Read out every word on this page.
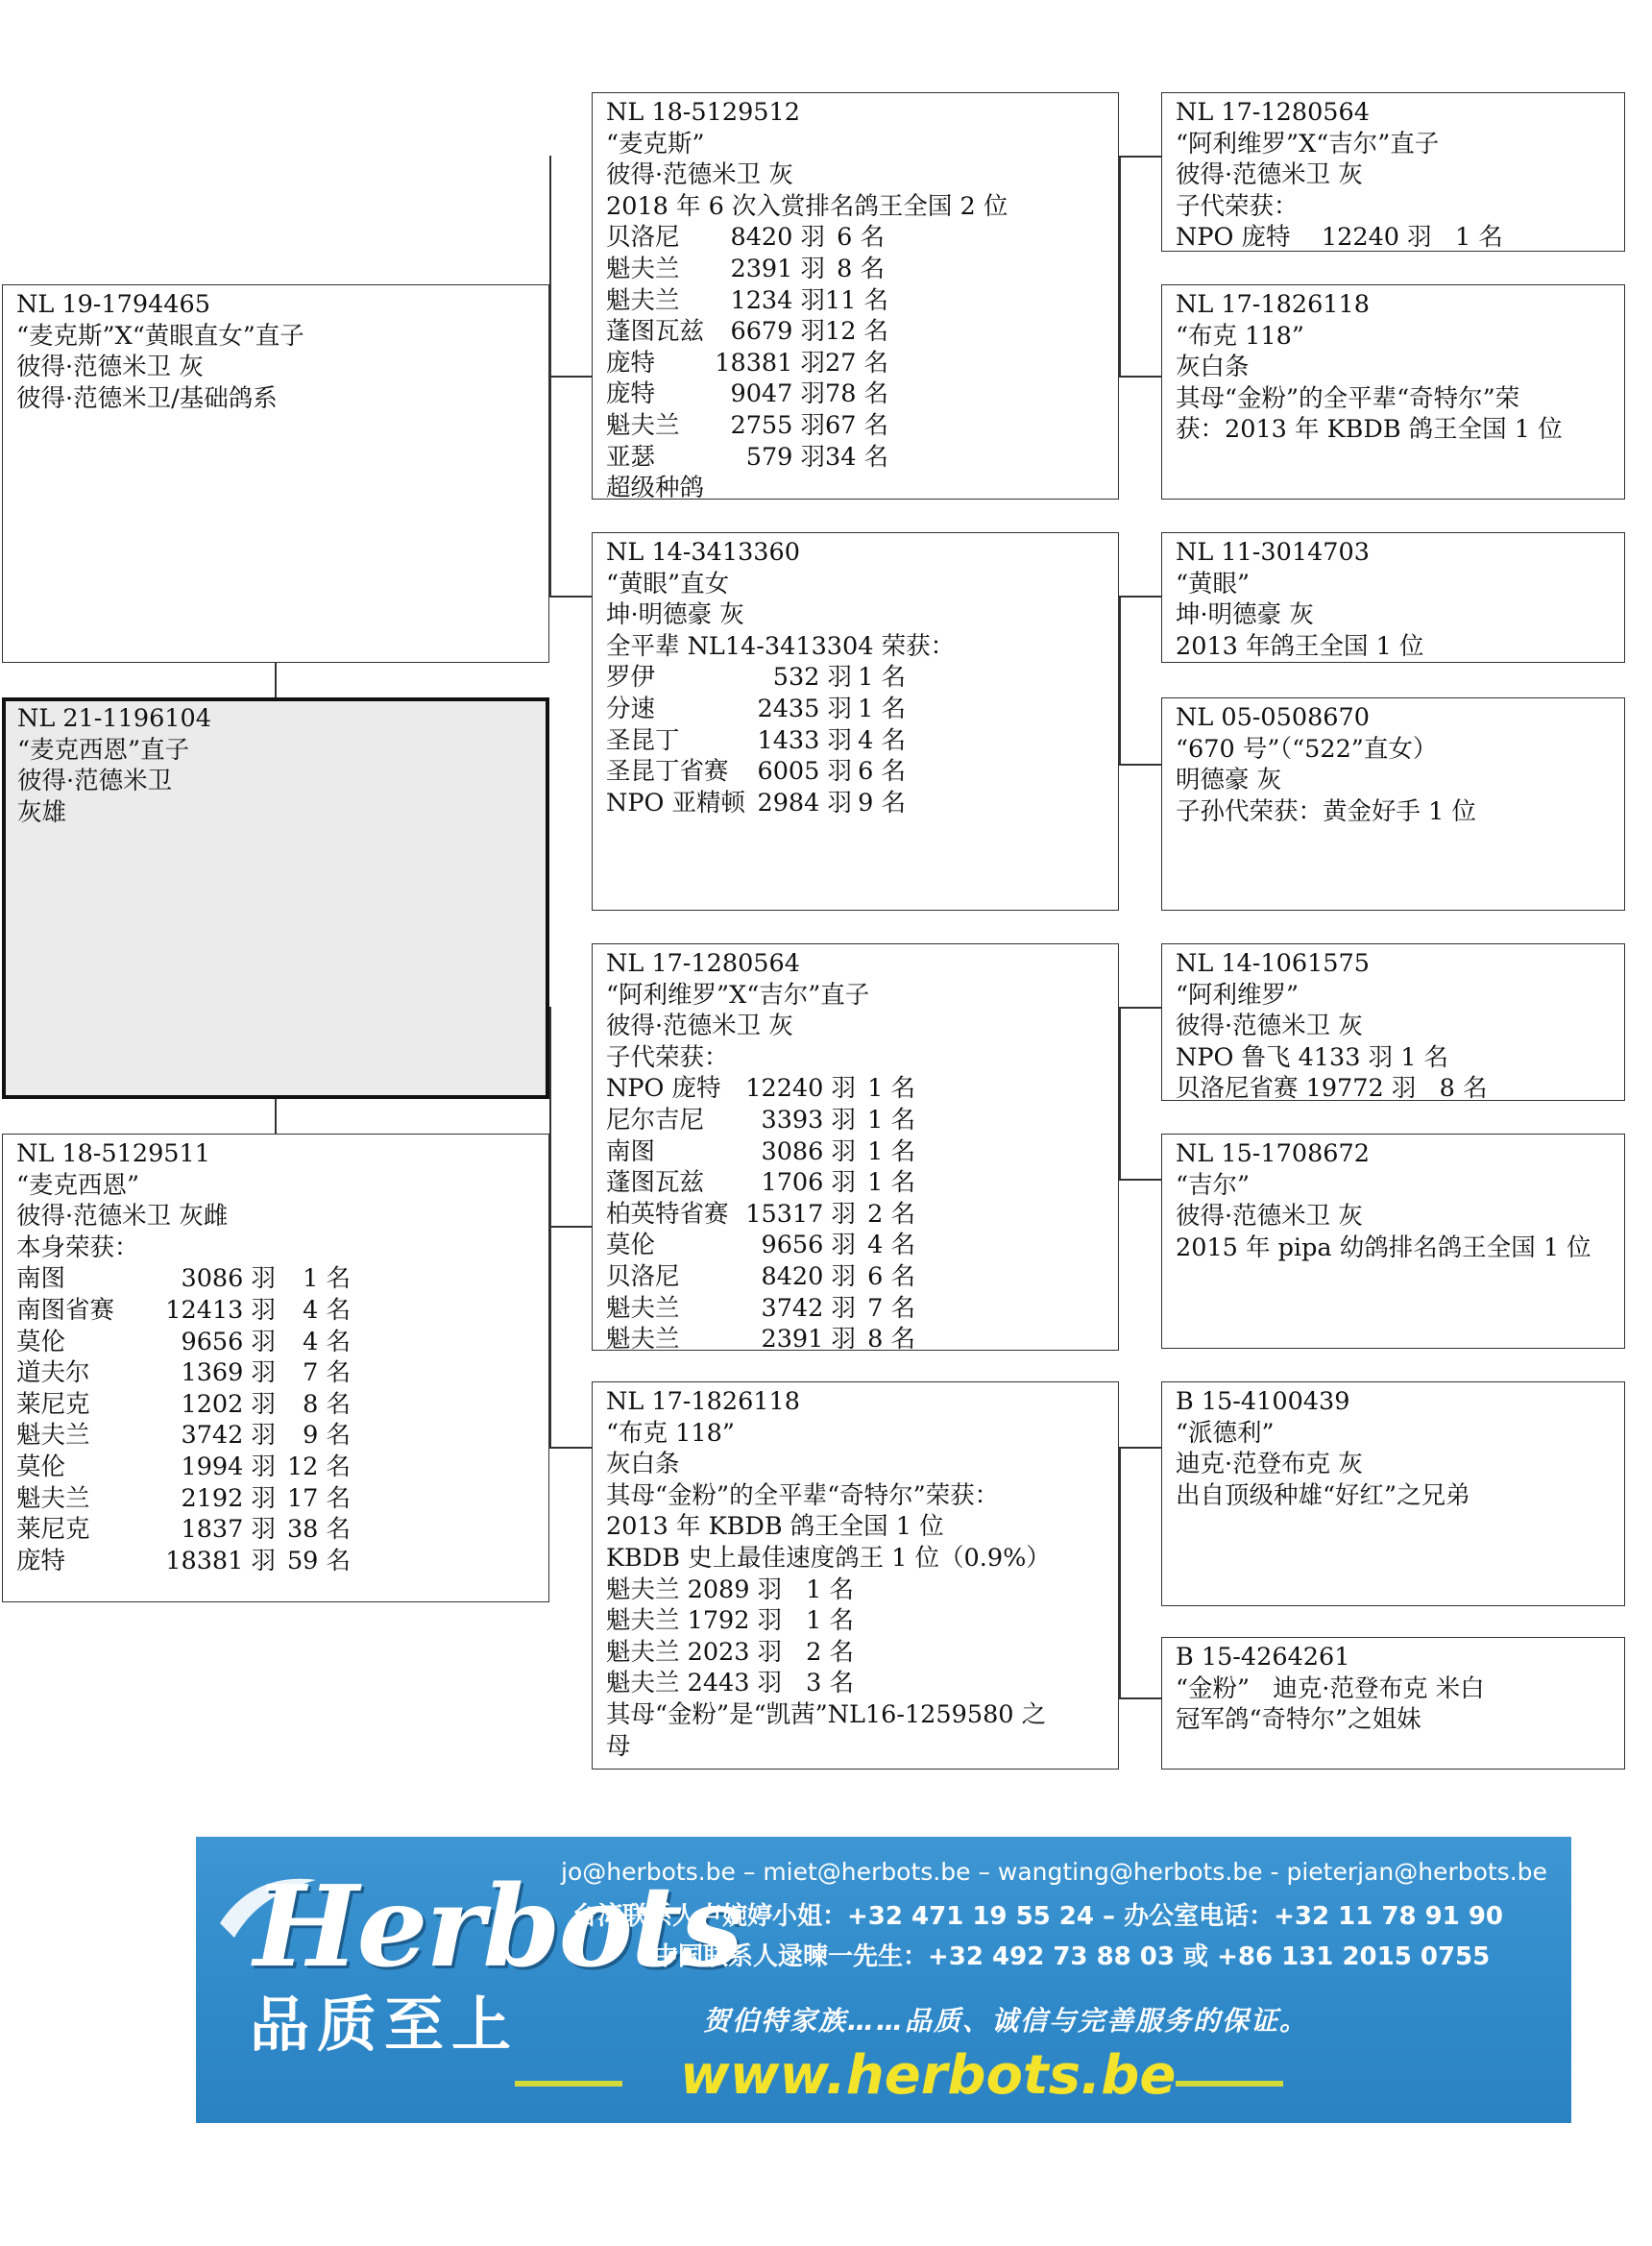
NL 19-1794465
“麦克斯”X“黄眼直女”直子
彼得·范德米卫 灰
彼得·范德米卫/基础鸽系
NL 21-1196104
“麦克西恩”直子
彼得·范德米卫
灰雄
NL 18-5129511
“麦克西恩”
彼得·范德米卫 灰雌
本身荣获：
南图	3086 羽 1 名
南图省赛 12413 羽 4 名
莫伦	9656 羽 4 名
道夫尔	1369 羽 7 名
莱尼克	1202 羽 8 名
魁夫兰	3742 羽 9 名
莫伦	1994 羽 12 名
魁夫兰	2192 羽 17 名
莱尼克	1837 羽 38 名
庞特	18381 羽 59 名
NL 18-5129512
“麦克斯”
彼得·范德米卫 灰
2018 年 6 次入赏排名鸽王全国 2 位
贝洛尼 8420 羽 6 名
魁夫兰 2391 羽 8 名
魁夫兰 1234 羽11 名
蓬图瓦兹 6679 羽12 名
庞特 18381 羽27 名
庞特	9047 羽78 名
魁夫兰 2755 羽67 名
亚瑟	579 羽34 名
超级种鸽
NL 14-3413360
“黄眼”直女
坤·明德豪 灰
全平辈 NL14-3413304 荣获：
罗伊	532 羽 1 名
分速	2435 羽 1 名
圣昆丁	1433 羽 4 名
圣昆丁省赛 6005 羽 6 名
NPO 亚精顿 2984 羽 9 名
NL 17-1280564
“阿利维罗”X“吉尔”直子
彼得·范德米卫 灰
子代荣获：
NPO 庞特 12240 羽 1 名
尼尔吉尼 3393 羽 1 名
南图	3086 羽 1 名
蓬图瓦兹 1706 羽 1 名
柏英特省赛 15317 羽 2 名
莫伦	9656 羽 4 名
贝洛尼	8420 羽 6 名
魁夫兰	3742 羽 7 名
魁夫兰	2391 羽 8 名
NL 17-1826118
“布克 118”
灰白条
其母“金粉”的全平辈“奇特尔”荣获：
2013 年 KBDB 鸽王全国 1 位
KBDB 史上最佳速度鸽王 1 位（0.9%）
魁夫兰 2089 羽 1 名
魁夫兰 1792 羽 1 名
魁夫兰 2023 羽 2 名
魁夫兰 2443 羽 3 名
其母“金粉”是“凯茜”NL16-1259580 之
母
NL 17-1280564
“阿利维罗”X“吉尔”直子
彼得·范德米卫 灰
子代荣获：
NPO 庞特    12240 羽   1 名
NL 17-1826118
“布克 118”
灰白条
其母“金粉”的全平辈“奇特尔”荣
获：2013 年 KBDB 鸽王全国 1 位
NL 11-3014703
“黄眼”
坤·明德豪 灰
2013 年鸽王全国 1 位
NL 05-0508670
“670 号”（“522”直女）
明德豪 灰
子孙代荣获：黄金好手 1 位
NL 14-1061575
“阿利维罗”
彼得·范德米卫 灰
NPO 鲁飞 4133 羽 1 名
贝洛尼省赛 19772 羽   8 名
NL 15-1708672
“吉尔”
彼得·范德米卫 灰
2015 年 pipa 幼鸽排名鸽王全国 1 位
B 15-4100439
“派德利”
迪克·范登布克 灰
出自顶级种雄“好红”之兄弟
B 15-4264261
“金粉”   迪克·范登布克 米白
冠军鸽“奇特尔”之姐妹
Herbots
品质至上
jo@herbots.be – miet@herbots.be – wangting@herbots.be - pieterjan@herbots.be
台湾联系人卢婉婷小姐：+32 471 19 55 24 – 办公室电话：+32 11 78 91 90
中国联系人逯暕一先生：+32 492 73 88 03 或 +86 131 2015 0755
贺伯特家族……品质、诚信与完善服务的保证。
www.herbots.be
